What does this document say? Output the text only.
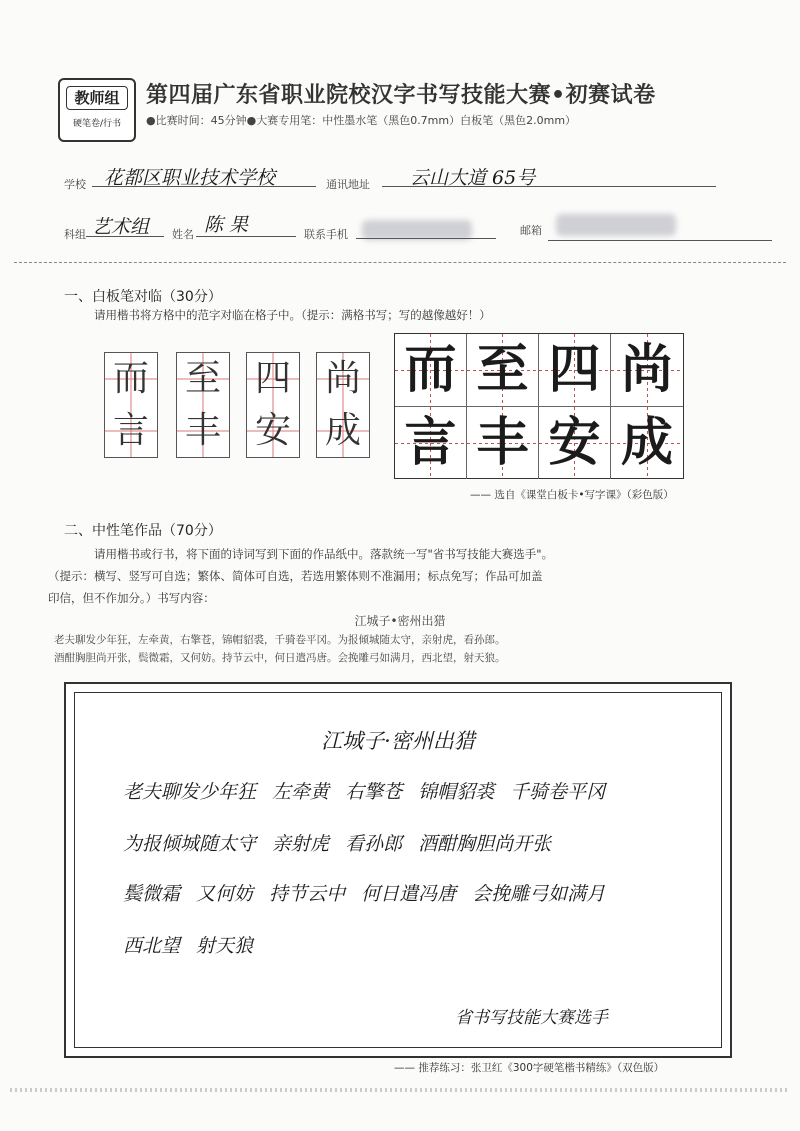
教师组
硬笔卷/行书
第四届广东省职业院校汉字书写技能大赛•初赛试卷
●比赛时间：45分钟●大赛专用笔：中性墨水笔（黑色0.7mm）白板笔（黑色2.0mm）
学校 花都区职业技术学校	通讯地址 云山大道 65号
科组 艺术组 姓名 陈 果	联系手机	邮箱
一、白板笔对临（30分）
请用楷书将方格中的范字对临在格子中。（提示：满格书写；写的越像越好！）
而
言
至
丰
四
安
尚
成
而 至 四 尚
言 丰 安 成
—— 选自《课堂白板卡•写字课》（彩色版）
二、中性笔作品（70分）
请用楷书或行书，将下面的诗词写到下面的作品纸中。落款统一写"省书写技能大赛选手"。
（提示：横写、竖写可自选；繁体、简体可自选，若选用繁体则不准漏用；标点免写；作品可加盖
印信，但不作加分。）书写内容：
江城子•密州出猎
老夫聊发少年狂，左牵黄，右擎苍，锦帽貂裘，千骑卷平冈。为报倾城随太守，亲射虎，看孙郎。
酒酣胸胆尚开张，鬓微霜，又何妨。持节云中，何日遣冯唐。会挽雕弓如满月，西北望，射天狼。
江城子·密州出猎
老夫聊发少年狂 左牵黄 右擎苍 锦帽貂裘 千骑卷平冈
为报倾城随太守 亲射虎 看孙郎 酒酣胸胆尚开张
鬓微霜 又何妨 持节云中 何日遣冯唐 会挽雕弓如满月
西北望 射天狼
省书写技能大赛选手
—— 推荐练习：张卫红《300字硬笔楷书精练》（双色版）
